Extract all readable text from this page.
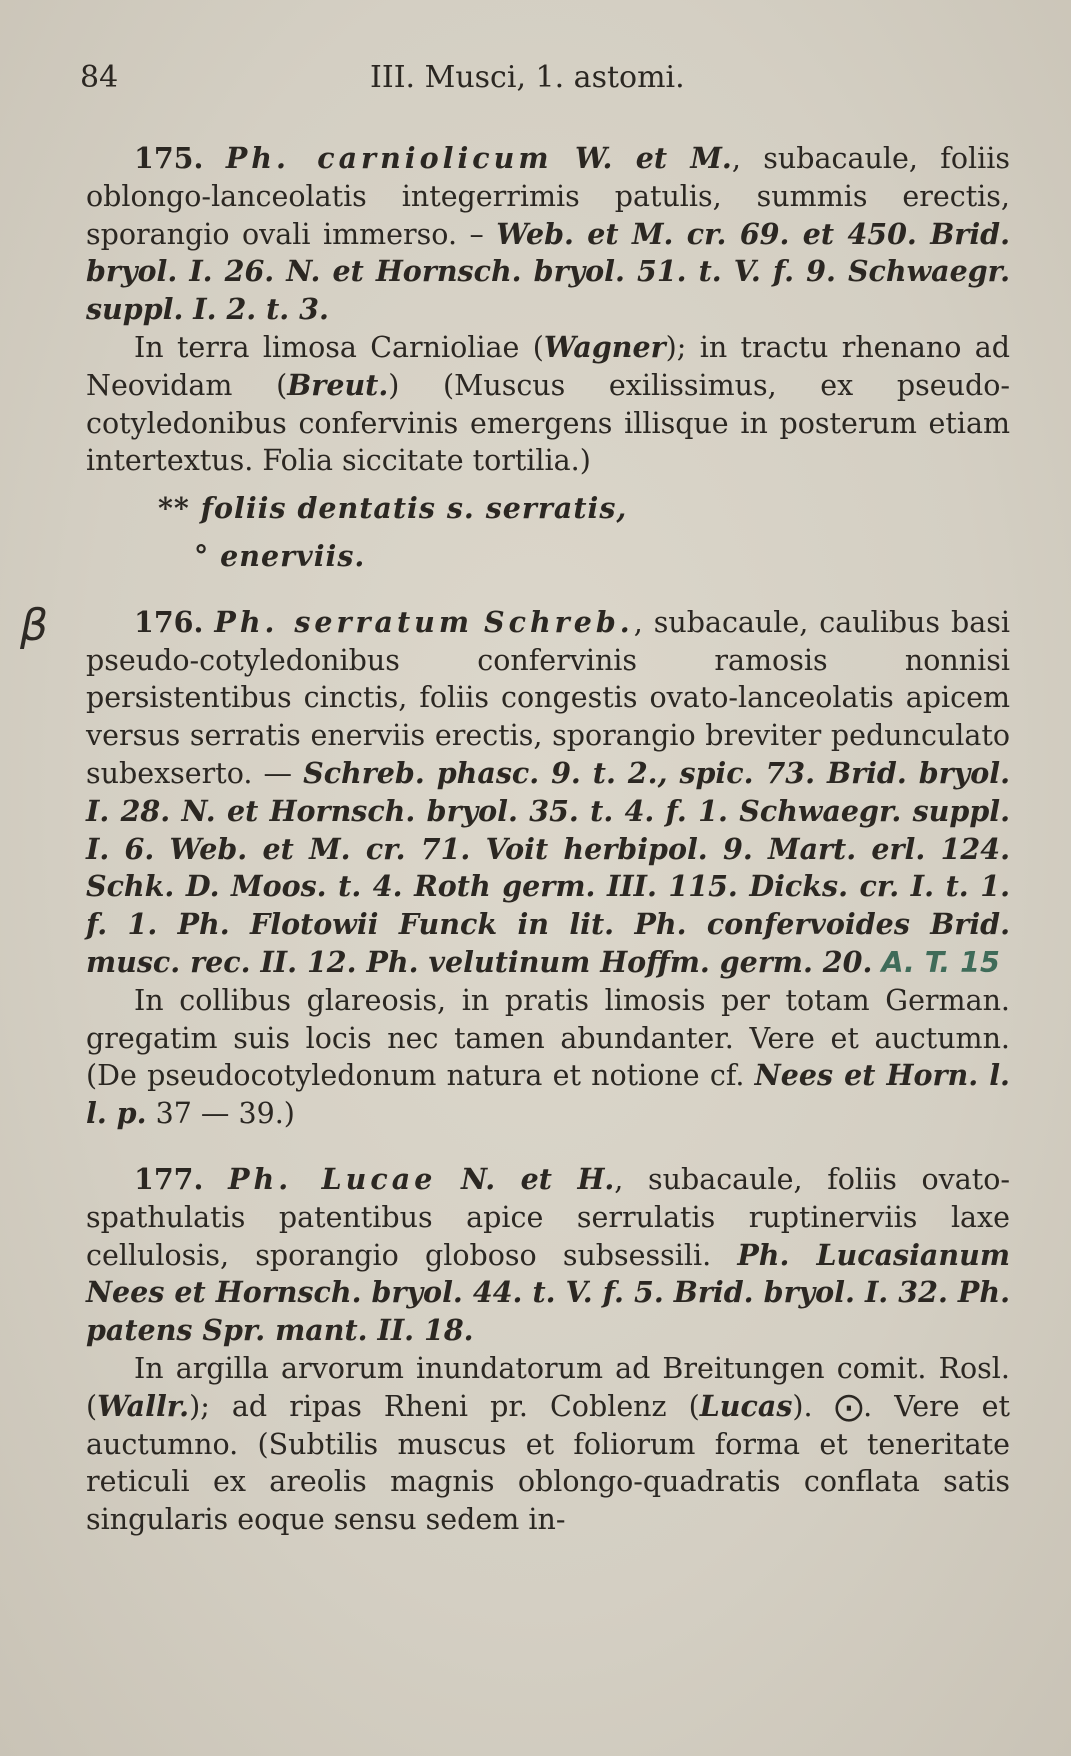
84	III. Musci, 1. astomi.
β

175. Ph. carniolicum W. et M., subacaule, foliis oblongo-lanceolatis integerrimis patulis, summis erectis, sporangio ovali immerso. – Web. et M. cr. 69. et 450. Brid. bryol. I. 26. N. et Hornsch. bryol. 51. t. V. f. 9. Schwaegr. suppl. I. 2. t. 3.

In terra limosa Carnioliae (Wagner); in tractu rhenano ad Neovidam (Breut.) (Muscus exilissimus, ex pseudo-cotyledonibus confervinis emergens illisque in posterum etiam intertextus. Folia siccitate tortilia.)

** foliis dentatis s. serratis,

° enerviis.

176. Ph. serratum Schreb., subacaule, caulibus basi pseudo-cotyledonibus confervinis ramosis nonnisi persistentibus cinctis, foliis congestis ovato-lanceolatis apicem versus serratis enerviis erectis, sporangio breviter pedunculato subexserto. — Schreb. phasc. 9. t. 2., spic. 73. Brid. bryol. I. 28. N. et Hornsch. bryol. 35. t. 4. f. 1. Schwaegr. suppl. I. 6. Web. et M. cr. 71. Voit herbipol. 9. Mart. erl. 124. Schk. D. Moos. t. 4. Roth germ. III. 115. Dicks. cr. I. t. 1. f. 1. Ph. Flotowii Funck in lit. Ph. confervoides Brid. musc. rec. II. 12. Ph. velutinum Hoffm. germ. 20. A. T. 15

In collibus glareosis, in pratis limosis per totam German. gregatim suis locis nec tamen abundanter. Vere et auctumn. (De pseudocotyledonum natura et notione cf. Nees et Horn. l. l. p. 37 — 39.)

177. Ph. Lucae N. et H., subacaule, foliis ovato-spathulatis patentibus apice serrulatis ruptinerviis laxe cellulosis, sporangio globoso subsessili. Ph. Lucasianum Nees et Hornsch. bryol. 44. t. V. f. 5. Brid. bryol. I. 32. Ph. patens Spr. mant. II. 18.

In argilla arvorum inundatorum ad Breitungen comit. Rosl. (Wallr.); ad ripas Rheni pr. Coblenz (Lucas). ⨀. Vere et auctumno. (Subtilis muscus et foliorum forma et teneritate reticuli ex areolis magnis oblongo-quadratis conflata satis singularis eoque sensu sedem in-
